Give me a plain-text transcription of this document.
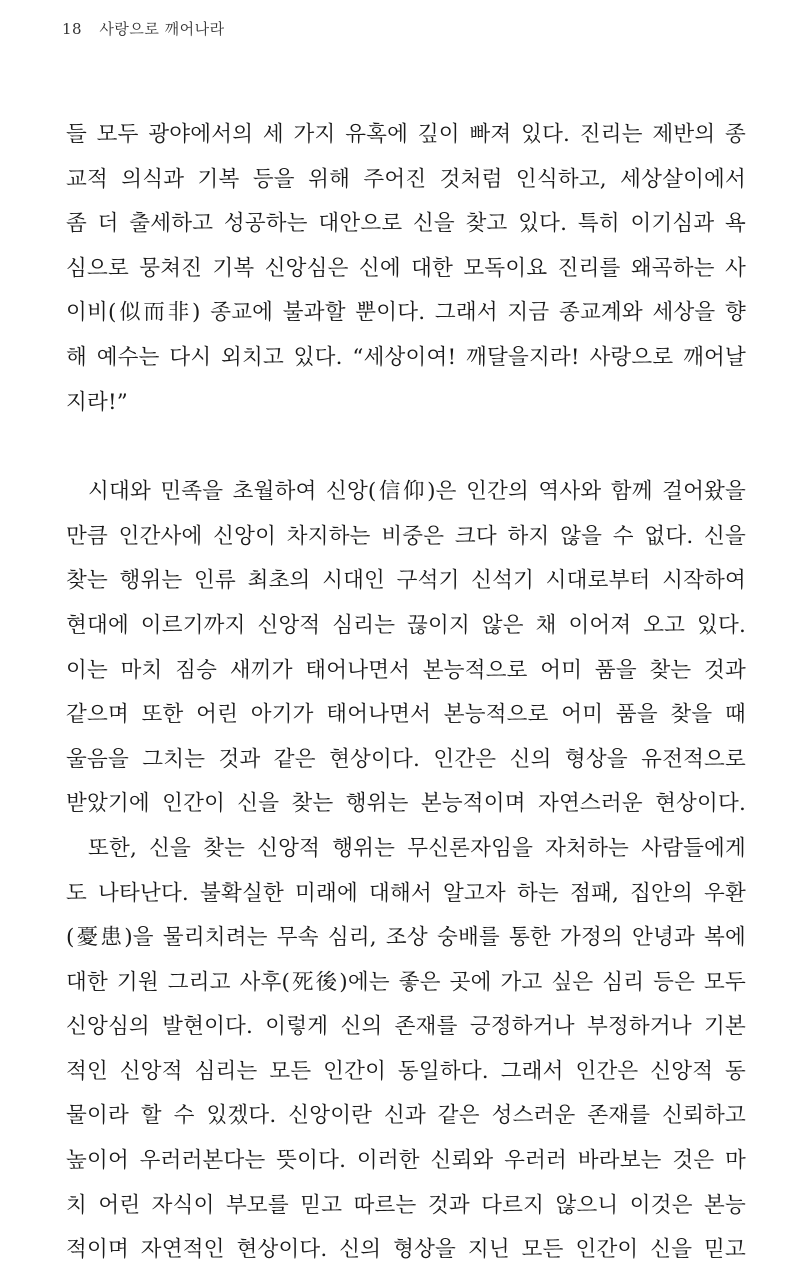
18 사랑으로 깨어나라
들 모두 광야에서의 세 가지 유혹에 깊이 빠져 있다. 진리는 제반의 종
교적 의식과 기복 등을 위해 주어진 것처럼 인식하고, 세상살이에서
좀 더 출세하고 성공하는 대안으로 신을 찾고 있다. 특히 이기심과 욕
심으로 뭉쳐진 기복 신앙심은 신에 대한 모독이요 진리를 왜곡하는 사
이비(似而非) 종교에 불과할 뿐이다. 그래서 지금 종교계와 세상을 향
해 예수는 다시 외치고 있다. “세상이여! 깨달을지라! 사랑으로 깨어날
지라!”
시대와 민족을 초월하여 신앙(信仰)은 인간의 역사와 함께 걸어왔을
만큼 인간사에 신앙이 차지하는 비중은 크다 하지 않을 수 없다. 신을
찾는 행위는 인류 최초의 시대인 구석기 신석기 시대로부터 시작하여
현대에 이르기까지 신앙적 심리는 끊이지 않은 채 이어져 오고 있다.
이는 마치 짐승 새끼가 태어나면서 본능적으로 어미 품을 찾는 것과
같으며 또한 어린 아기가 태어나면서 본능적으로 어미 품을 찾을 때
울음을 그치는 것과 같은 현상이다. 인간은 신의 형상을 유전적으로
받았기에 인간이 신을 찾는 행위는 본능적이며 자연스러운 현상이다.
또한, 신을 찾는 신앙적 행위는 무신론자임을 자처하는 사람들에게
도 나타난다. 불확실한 미래에 대해서 알고자 하는 점패, 집안의 우환
(憂患)을 물리치려는 무속 심리, 조상 숭배를 통한 가정의 안녕과 복에
대한 기원 그리고 사후(死後)에는 좋은 곳에 가고 싶은 심리 등은 모두
신앙심의 발현이다. 이렇게 신의 존재를 긍정하거나 부정하거나 기본
적인 신앙적 심리는 모든 인간이 동일하다. 그래서 인간은 신앙적 동
물이라 할 수 있겠다. 신앙이란 신과 같은 성스러운 존재를 신뢰하고
높이어 우러러본다는 뜻이다. 이러한 신뢰와 우러러 바라보는 것은 마
치 어린 자식이 부모를 믿고 따르는 것과 다르지 않으니 이것은 본능
적이며 자연적인 현상이다. 신의 형상을 지닌 모든 인간이 신을 믿고
